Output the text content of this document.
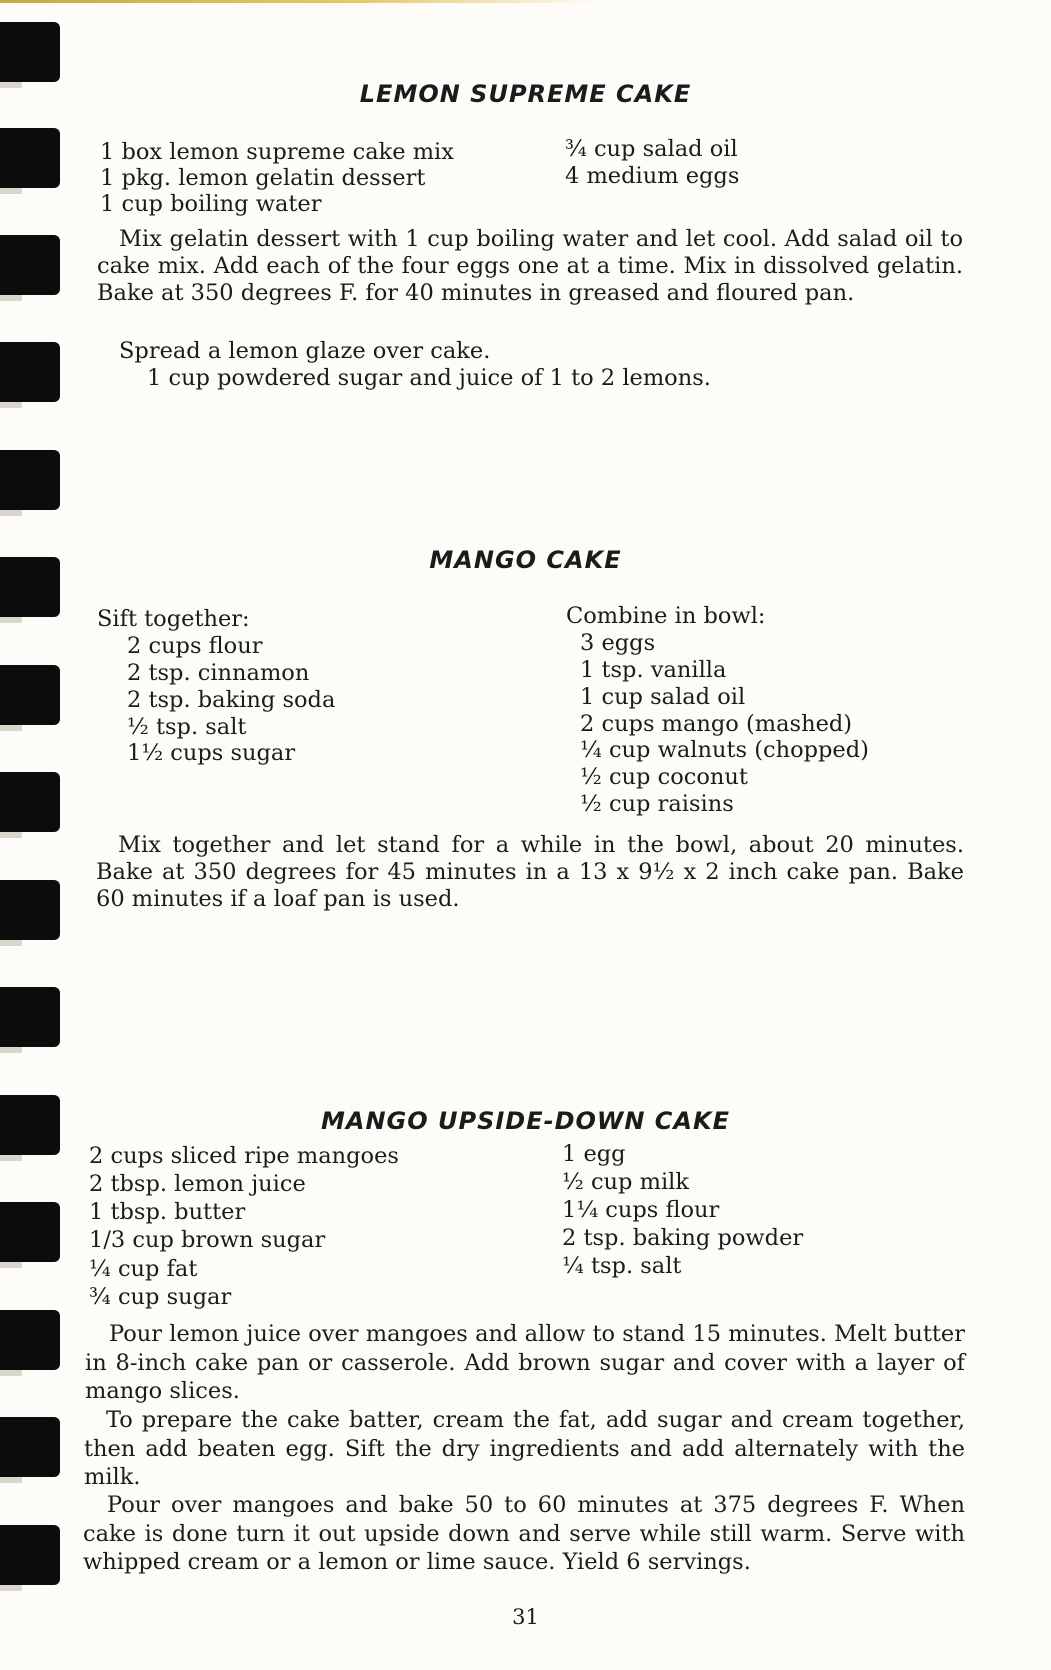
LEMON SUPREME CAKE
1 box lemon supreme cake mix
1 pkg. lemon gelatin dessert
1 cup boiling water
¾ cup salad oil
4 medium eggs
Mix gelatin dessert with 1 cup boiling water and let cool. Add salad oil to cake mix. Add each of the four eggs one at a time. Mix in dissolved gelatin. Bake at 350 degrees F. for 40 minutes in greased and floured pan.
Spread a lemon glaze over cake.
1 cup powdered sugar and juice of 1 to 2 lemons.
MANGO CAKE
Sift together:
2 cups flour
2 tsp. cinnamon
2 tsp. baking soda
½ tsp. salt
1½ cups sugar
Combine in bowl:
3 eggs
1 tsp. vanilla
1 cup salad oil
2 cups mango (mashed)
¼ cup walnuts (chopped)
½ cup coconut
½ cup raisins
Mix together and let stand for a while in the bowl, about 20 minutes. Bake at 350 degrees for 45 minutes in a 13 x 9½ x 2 inch cake pan. Bake 60 minutes if a loaf pan is used.
MANGO UPSIDE-DOWN CAKE
2 cups sliced ripe mangoes
2 tbsp. lemon juice
1 tbsp. butter
1/3 cup brown sugar
¼ cup fat
¾ cup sugar
1 egg
½ cup milk
1¼ cups flour
2 tsp. baking powder
¼ tsp. salt
Pour lemon juice over mangoes and allow to stand 15 minutes. Melt butter in 8-inch cake pan or casserole. Add brown sugar and cover with a layer of mango slices.
To prepare the cake batter, cream the fat, add sugar and cream together, then add beaten egg. Sift the dry ingredients and add alternately with the milk.
Pour over mangoes and bake 50 to 60 minutes at 375 degrees F. When cake is done turn it out upside down and serve while still warm. Serve with whipped cream or a lemon or lime sauce. Yield 6 servings.
31
